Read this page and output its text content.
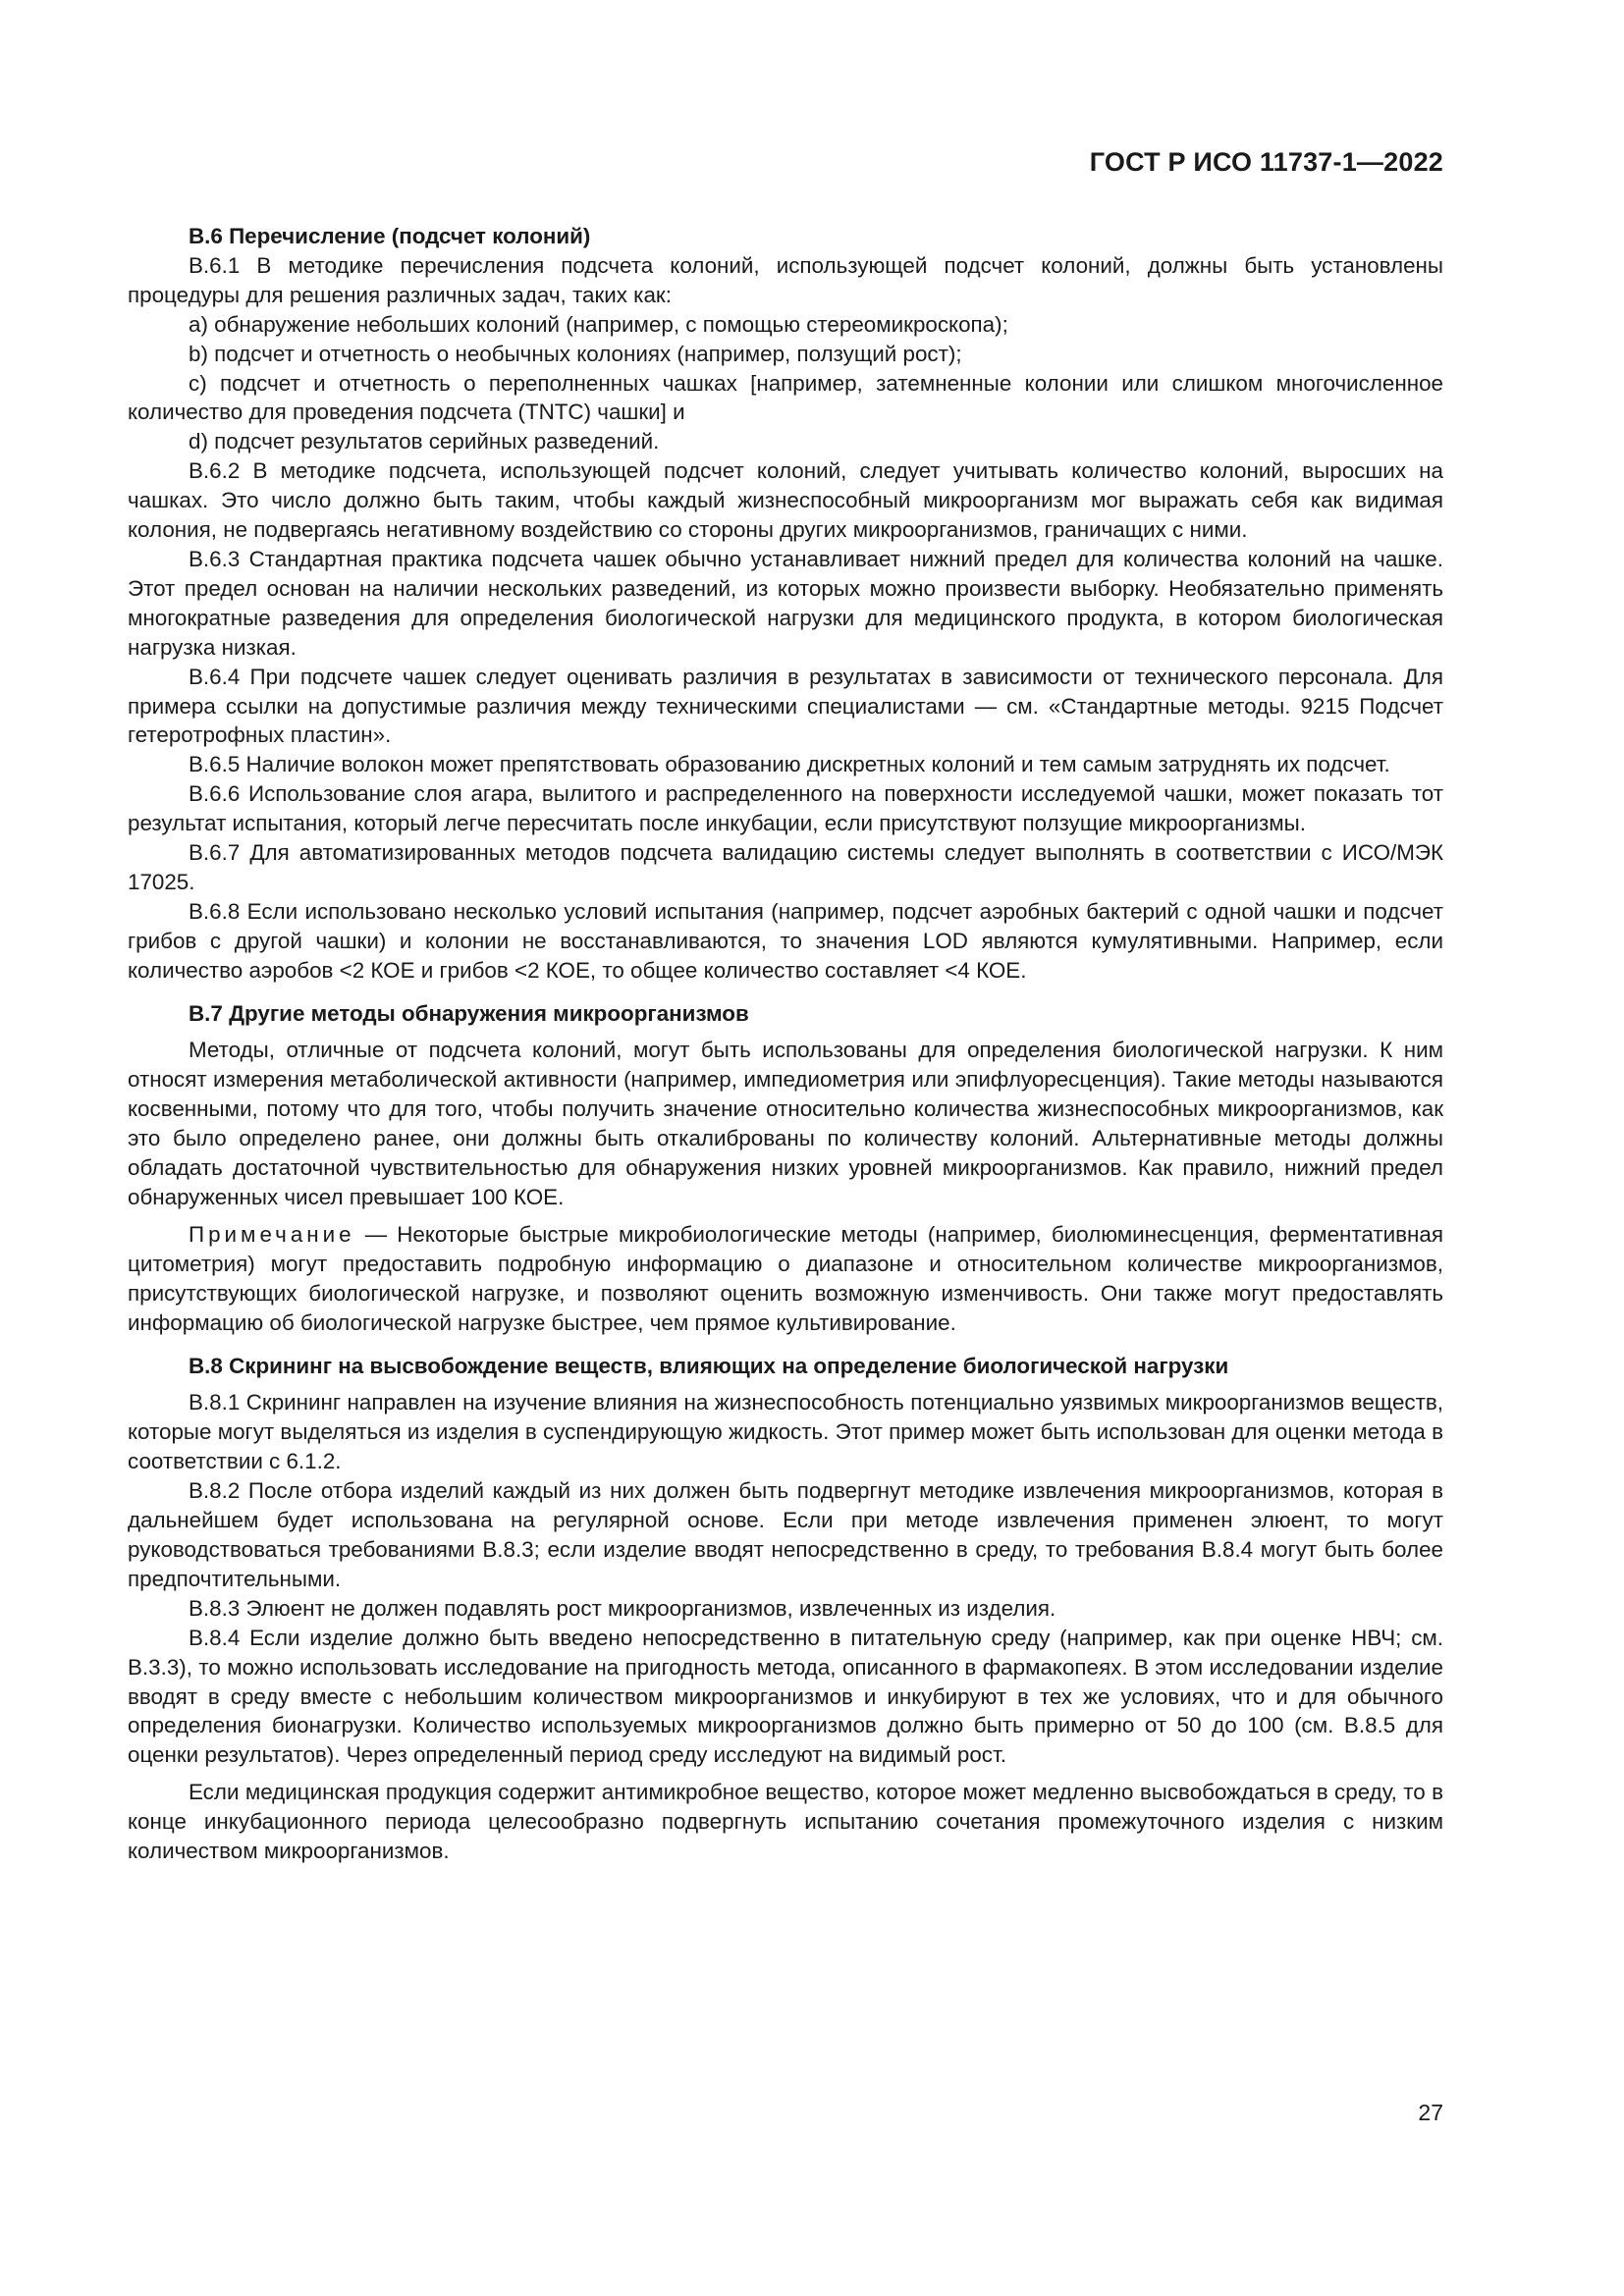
ГОСТ Р ИСО 11737-1—2022
B.6 Перечисление (подсчет колоний)

B.6.1 В методике перечисления подсчета колоний, использующей подсчет колоний, должны быть установлены процедуры для решения различных задач, таких как:

a) обнаружение небольших колоний (например, с помощью стереомикроскопа);

b) подсчет и отчетность о необычных колониях (например, ползущий рост);

c) подсчет и отчетность о переполненных чашках [например, затемненные колонии или слишком многочисленное количество для проведения подсчета (TNTC) чашки] и

d) подсчет результатов серийных разведений.

B.6.2 В методике подсчета, использующей подсчет колоний, следует учитывать количество колоний, выросших на чашках. Это число должно быть таким, чтобы каждый жизнеспособный микроорганизм мог выражать себя как видимая колония, не подвергаясь негативному воздействию со стороны других микроорганизмов, граничащих с ними.

B.6.3 Стандартная практика подсчета чашек обычно устанавливает нижний предел для количества колоний на чашке. Этот предел основан на наличии нескольких разведений, из которых можно произвести выборку. Необязательно применять многократные разведения для определения биологической нагрузки для медицинского продукта, в котором биологическая нагрузка низкая.

B.6.4 При подсчете чашек следует оценивать различия в результатах в зависимости от технического персонала. Для примера ссылки на допустимые различия между техническими специалистами — см. «Стандартные методы. 9215 Подсчет гетеротрофных пластин».

B.6.5 Наличие волокон может препятствовать образованию дискретных колоний и тем самым затруднять их подсчет.

B.6.6 Использование слоя агара, вылитого и распределенного на поверхности исследуемой чашки, может показать тот результат испытания, который легче пересчитать после инкубации, если присутствуют ползущие микроорганизмы.

B.6.7 Для автоматизированных методов подсчета валидацию системы следует выполнять в соответствии с ИСО/МЭК 17025.

B.6.8 Если использовано несколько условий испытания (например, подсчет аэробных бактерий с одной чашки и подсчет грибов с другой чашки) и колонии не восстанавливаются, то значения LOD являются кумулятивными. Например, если количество аэробов <2 КОЕ и грибов <2 КОЕ, то общее количество составляет <4 КОЕ.

B.7 Другие методы обнаружения микроорганизмов

Методы, отличные от подсчета колоний, могут быть использованы для определения биологической нагрузки. К ним относят измерения метаболической активности (например, импедиометрия или эпифлуоресценция). Такие методы называются косвенными, потому что для того, чтобы получить значение относительно количества жизнеспособных микроорганизмов, как это было определено ранее, они должны быть откалиброваны по количеству колоний. Альтернативные методы должны обладать достаточной чувствительностью для обнаружения низких уровней микроорганизмов. Как правило, нижний предел обнаруженных чисел превышает 100 КОЕ.

Примечание — Некоторые быстрые микробиологические методы (например, биолюминесценция, ферментативная цитометрия) могут предоставить подробную информацию о диапазоне и относительном количестве микроорганизмов, присутствующих биологической нагрузке, и позволяют оценить возможную изменчивость. Они также могут предоставлять информацию об биологической нагрузке быстрее, чем прямое культивирование.

B.8 Скрининг на высвобождение веществ, влияющих на определение биологической нагрузки

B.8.1 Скрининг направлен на изучение влияния на жизнеспособность потенциально уязвимых микроорганизмов веществ, которые могут выделяться из изделия в суспендирующую жидкость. Этот пример может быть использован для оценки метода в соответствии с 6.1.2.

B.8.2 После отбора изделий каждый из них должен быть подвергнут методике извлечения микроорганизмов, которая в дальнейшем будет использована на регулярной основе. Если при методе извлечения применен элюент, то могут руководствоваться требованиями B.8.3; если изделие вводят непосредственно в среду, то требования B.8.4 могут быть более предпочтительными.

B.8.3 Элюент не должен подавлять рост микроорганизмов, извлеченных из изделия.

B.8.4 Если изделие должно быть введено непосредственно в питательную среду (например, как при оценке НВЧ; см. B.3.3), то можно использовать исследование на пригодность метода, описанного в фармакопеях. В этом исследовании изделие вводят в среду вместе с небольшим количеством микроорганизмов и инкубируют в тех же условиях, что и для обычного определения бионагрузки. Количество используемых микроорганизмов должно быть примерно от 50 до 100 (см. B.8.5 для оценки результатов). Через определенный период среду исследуют на видимый рост.

Если медицинская продукция содержит антимикробное вещество, которое может медленно высвобождаться в среду, то в конце инкубационного периода целесообразно подвергнуть испытанию сочетания промежуточного изделия с низким количеством микроорганизмов.

27
